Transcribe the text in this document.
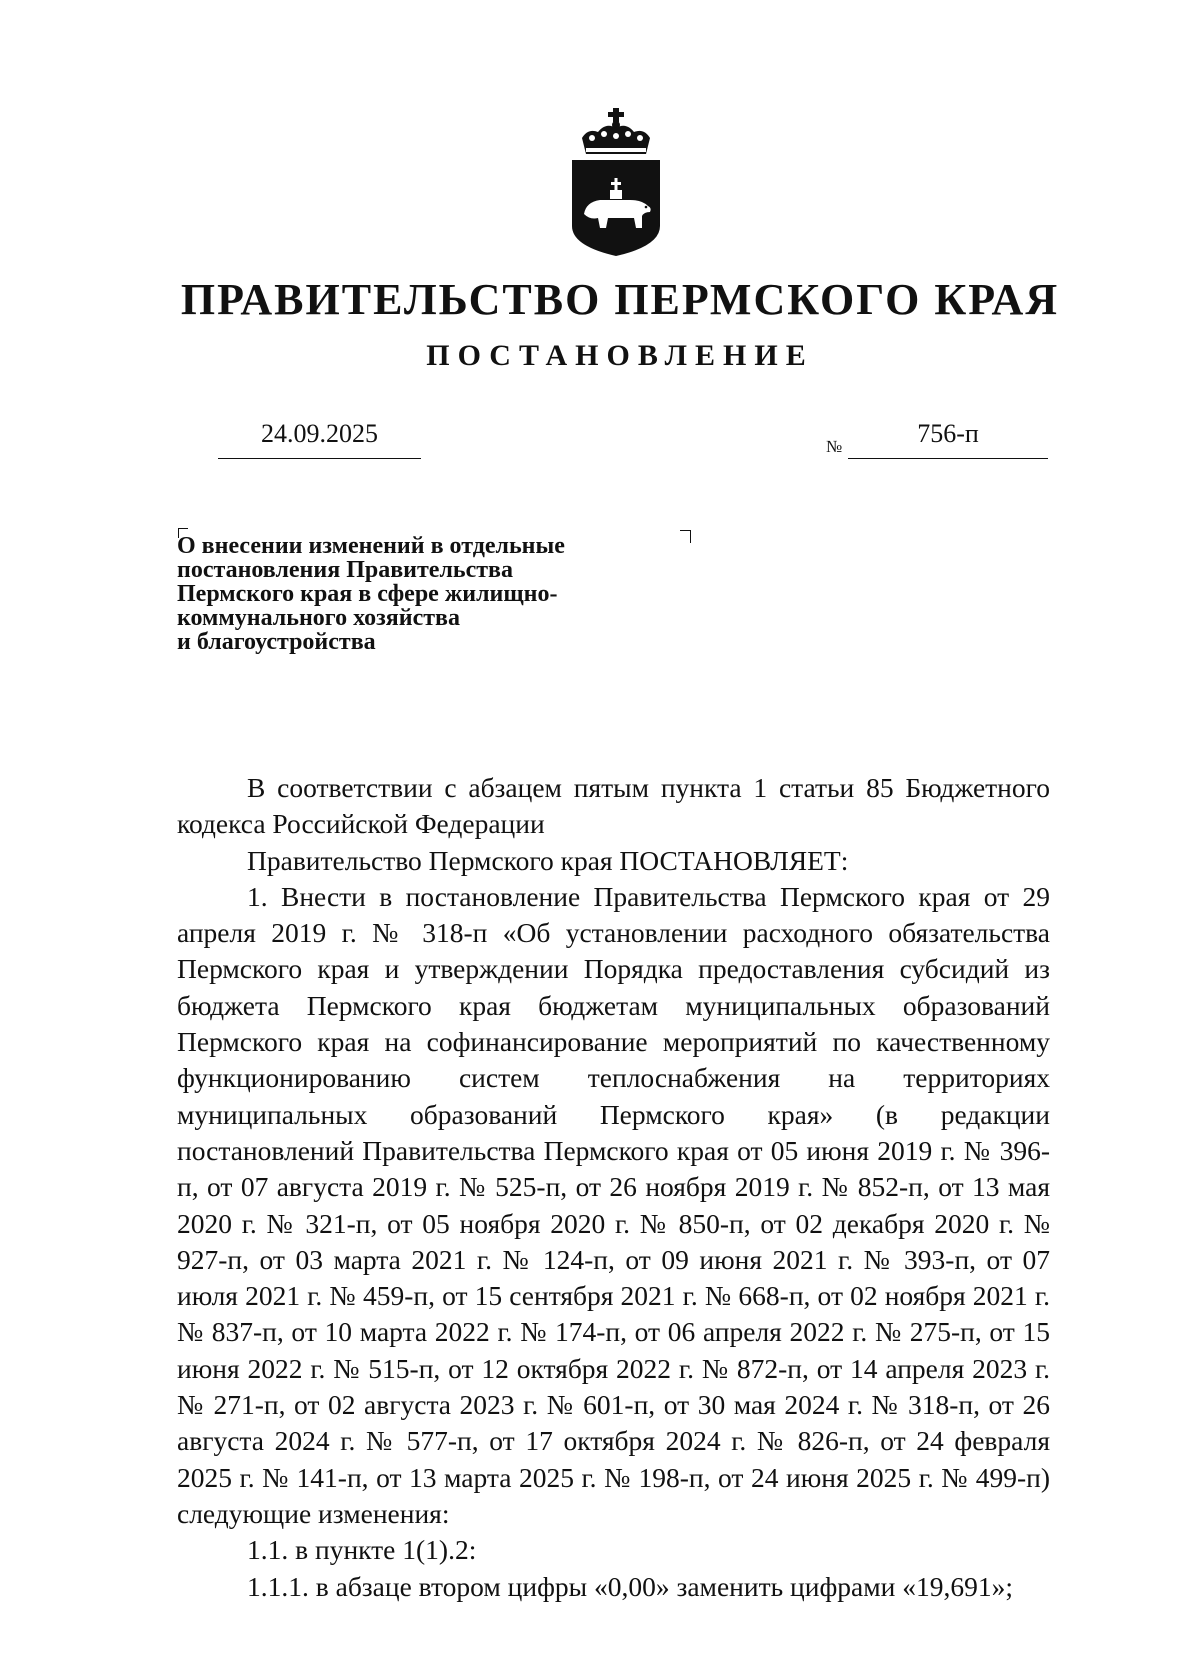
ПРАВИТЕЛЬСТВО ПЕРМСКОГО КРАЯ
ПОСТАНОВЛЕНИЕ
24.09.2025	№	756-п
О внесении изменений в отдельные
постановления Правительства
Пермского края в сфере жилищно-
коммунального хозяйства
и благоустройства

В соответствии с абзацем пятым пункта 1 статьи 85 Бюджетного кодекса Российской Федерации

Правительство Пермского края ПОСТАНОВЛЯЕТ:

1. Внести в постановление Правительства Пермского края от 29 апреля 2019 г. № 318-п «Об установлении расходного обязательства Пермского края и утверждении Порядка предоставления субсидий из бюджета Пермского края бюджетам муниципальных образований Пермского края на софинансирование мероприятий по качественному функционированию систем теплоснабжения на территориях муниципальных образований Пермского края» (в редакции постановлений Правительства Пермского края от 05 июня 2019 г. № 396-п, от 07 августа 2019 г. № 525-п, от 26 ноября 2019 г. № 852-п, от 13 мая 2020 г. № 321-п, от 05 ноября 2020 г. № 850-п, от 02 декабря 2020 г. № 927-п, от 03 марта 2021 г. № 124-п, от 09 июня 2021 г. № 393-п, от 07 июля 2021 г. № 459-п, от 15 сентября 2021 г. № 668-п, от 02 ноября 2021 г. № 837-п, от 10 марта 2022 г. № 174-п, от 06 апреля 2022 г. № 275-п, от 15 июня 2022 г. № 515-п, от 12 октября 2022 г. № 872-п, от 14 апреля 2023 г. № 271-п, от 02 августа 2023 г. № 601-п, от 30 мая 2024 г. № 318-п, от 26 августа 2024 г. № 577-п, от 17 октября 2024 г. № 826-п, от 24 февраля 2025 г. № 141-п, от 13 марта 2025 г. № 198-п, от 24 июня 2025 г. № 499-п) следующие изменения:

1.1. в пункте 1(1).2:

1.1.1. в абзаце втором цифры «0,00» заменить цифрами «19,691»;
